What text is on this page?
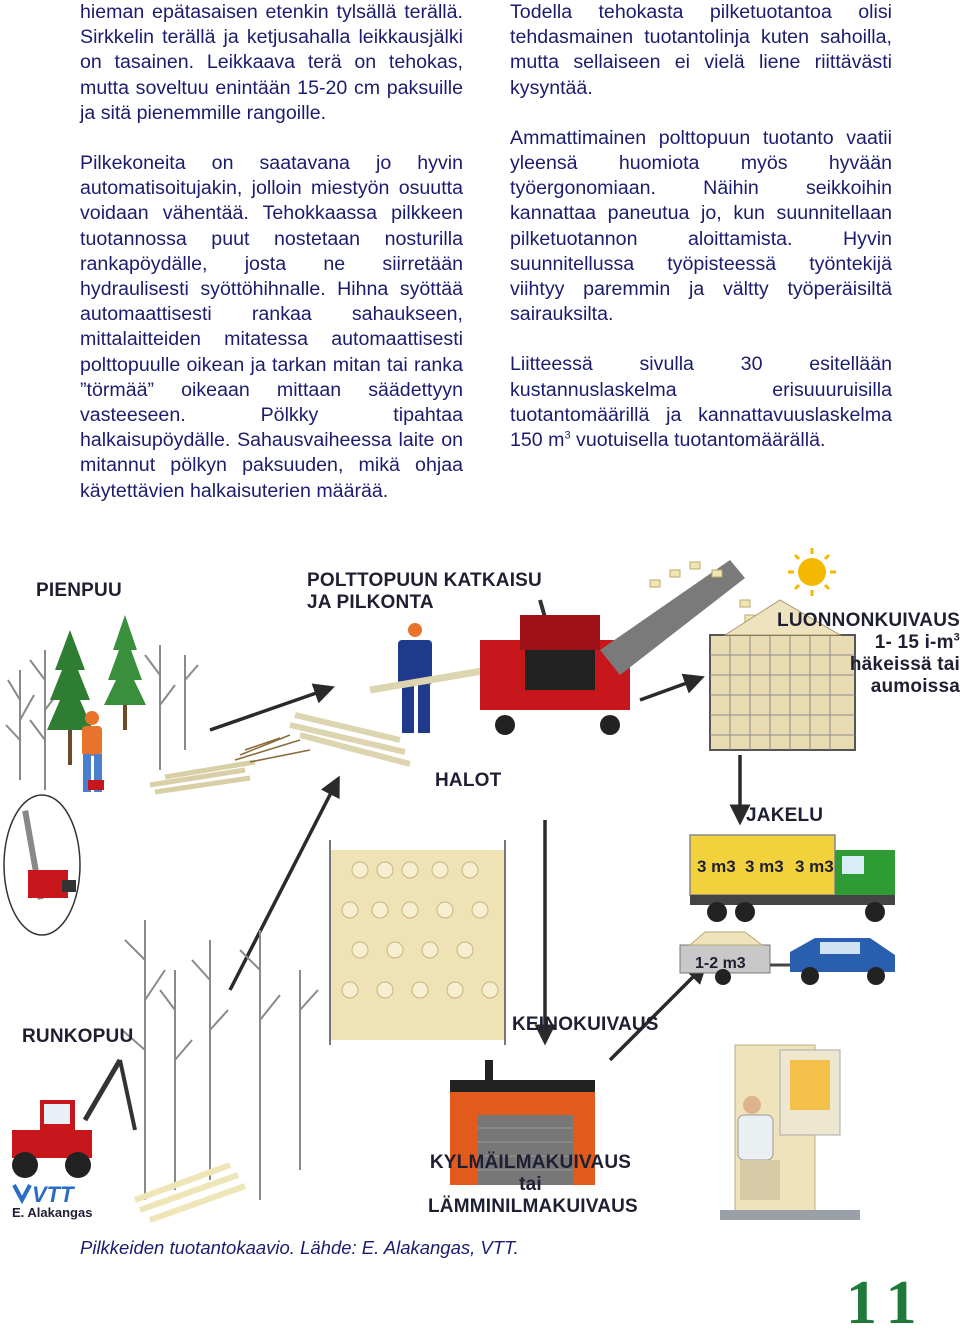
hieman epätasaisen etenkin tylsällä terällä. Sirkkelin terällä ja ketjusahalla leikkausjälki on tasainen. Leikkaava terä on tehokas, mutta soveltuu enintään 15-20 cm paksuille ja sitä pienemmille rangoille.

Pilkekoneita on saatavana jo hyvin automatisoitujakin, jolloin miestyön osuutta voidaan vähentää. Tehokkaassa pilkkeen tuotannossa puut nostetaan nosturilla rankapöydälle, josta ne siirretään hydraulisesti syöttöhihnalle. Hihna syöttää automaattisesti rankaa sahaukseen, mittalaitteiden mitatessa automaattisesti polttopuulle oikean ja tarkan mitan tai ranka ”törmää” oikeaan mittaan säädettyyn vasteeseen. Pölkky tipahtaa halkaisupöydälle. Sahausvaiheessa laite on mitannut pölkyn paksuuden, mikä ohjaa käytettävien halkaisuterien määrää.

Todella tehokasta pilketuotantoa olisi tehdasmainen tuotantolinja kuten sahoilla, mutta sellaiseen ei vielä liene riittävästi kysyntää.

Ammattimainen polttopuun tuotanto vaatii yleensä huomiota myös hyvään työergonomiaan. Näihin seikkoihin kannattaa paneutua jo, kun suunnitellaan pilketuotannon aloittamista. Hyvin suunnitellussa työpisteessä työntekijä viihtyy paremmin ja vältty työperäisiltä sairauksilta.

Liitteessä sivulla 30 esitellään kustannuslaskelma erisuuuruisilla tuotantomäärillä ja kannattavuuslaskelma 150 $m^3$ vuotuisella tuotantomäärällä.

3 m3 3 m3 3 m3
1-2 m3
VTT
PIENPUU	POLTTOPUUN KATKAISU
JA PILKONTA
LUONNONKUIVAUS
1- 15 $i-m^3$
häkeissä tai
aumoissa
HALOT
JAKELU
RUNKOPUU
KEINOKUIVAUS
KYLMÄILMAKUIVAUS
tai
LÄMMINILMAKUIVAUS
E. Alakangas
Pilkkeiden tuotantokaavio. Lähde: E. Alakangas, VTT.
11
